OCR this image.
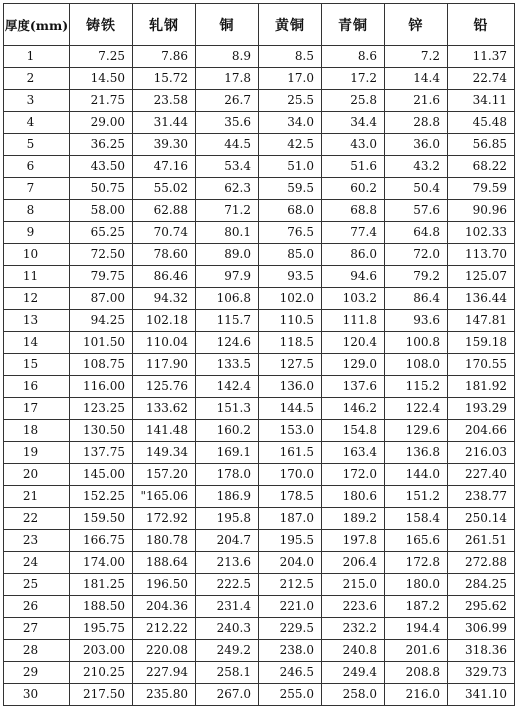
厚度(mm)	铸铁	轧钢	铜	黄铜	青铜	锌	铅
1	7.25	7.86	8.9	8.5	8.6	7.2	11.37
2	14.50	15.72	17.8	17.0	17.2	14.4	22.74
3	21.75	23.58	26.7	25.5	25.8	21.6	34.11
4	29.00	31.44	35.6	34.0	34.4	28.8	45.48
5	36.25	39.30	44.5	42.5	43.0	36.0	56.85
6	43.50	47.16	53.4	51.0	51.6	43.2	68.22
7	50.75	55.02	62.3	59.5	60.2	50.4	79.59
8	58.00	62.88	71.2	68.0	68.8	57.6	90.96
9	65.25	70.74	80.1	76.5	77.4	64.8	102.33
10	72.50	78.60	89.0	85.0	86.0	72.0	113.70
11	79.75	86.46	97.9	93.5	94.6	79.2	125.07
12	87.00	94.32	106.8	102.0	103.2	86.4	136.44
13	94.25	102.18	115.7	110.5	111.8	93.6	147.81
14	101.50	110.04	124.6	118.5	120.4	100.8	159.18
15	108.75	117.90	133.5	127.5	129.0	108.0	170.55
16	116.00	125.76	142.4	136.0	137.6	115.2	181.92
17	123.25	133.62	151.3	144.5	146.2	122.4	193.29
18	130.50	141.48	160.2	153.0	154.8	129.6	204.66
19	137.75	149.34	169.1	161.5	163.4	136.8	216.03
20	145.00	157.20	178.0	170.0	172.0	144.0	227.40
21	152.25	"165.06	186.9	178.5	180.6	151.2	238.77
22	159.50	172.92	195.8	187.0	189.2	158.4	250.14
23	166.75	180.78	204.7	195.5	197.8	165.6	261.51
24	174.00	188.64	213.6	204.0	206.4	172.8	272.88
25	181.25	196.50	222.5	212.5	215.0	180.0	284.25
26	188.50	204.36	231.4	221.0	223.6	187.2	295.62
27	195.75	212.22	240.3	229.5	232.2	194.4	306.99
28	203.00	220.08	249.2	238.0	240.8	201.6	318.36
29	210.25	227.94	258.1	246.5	249.4	208.8	329.73
30	217.50	235.80	267.0	255.0	258.0	216.0	341.10
